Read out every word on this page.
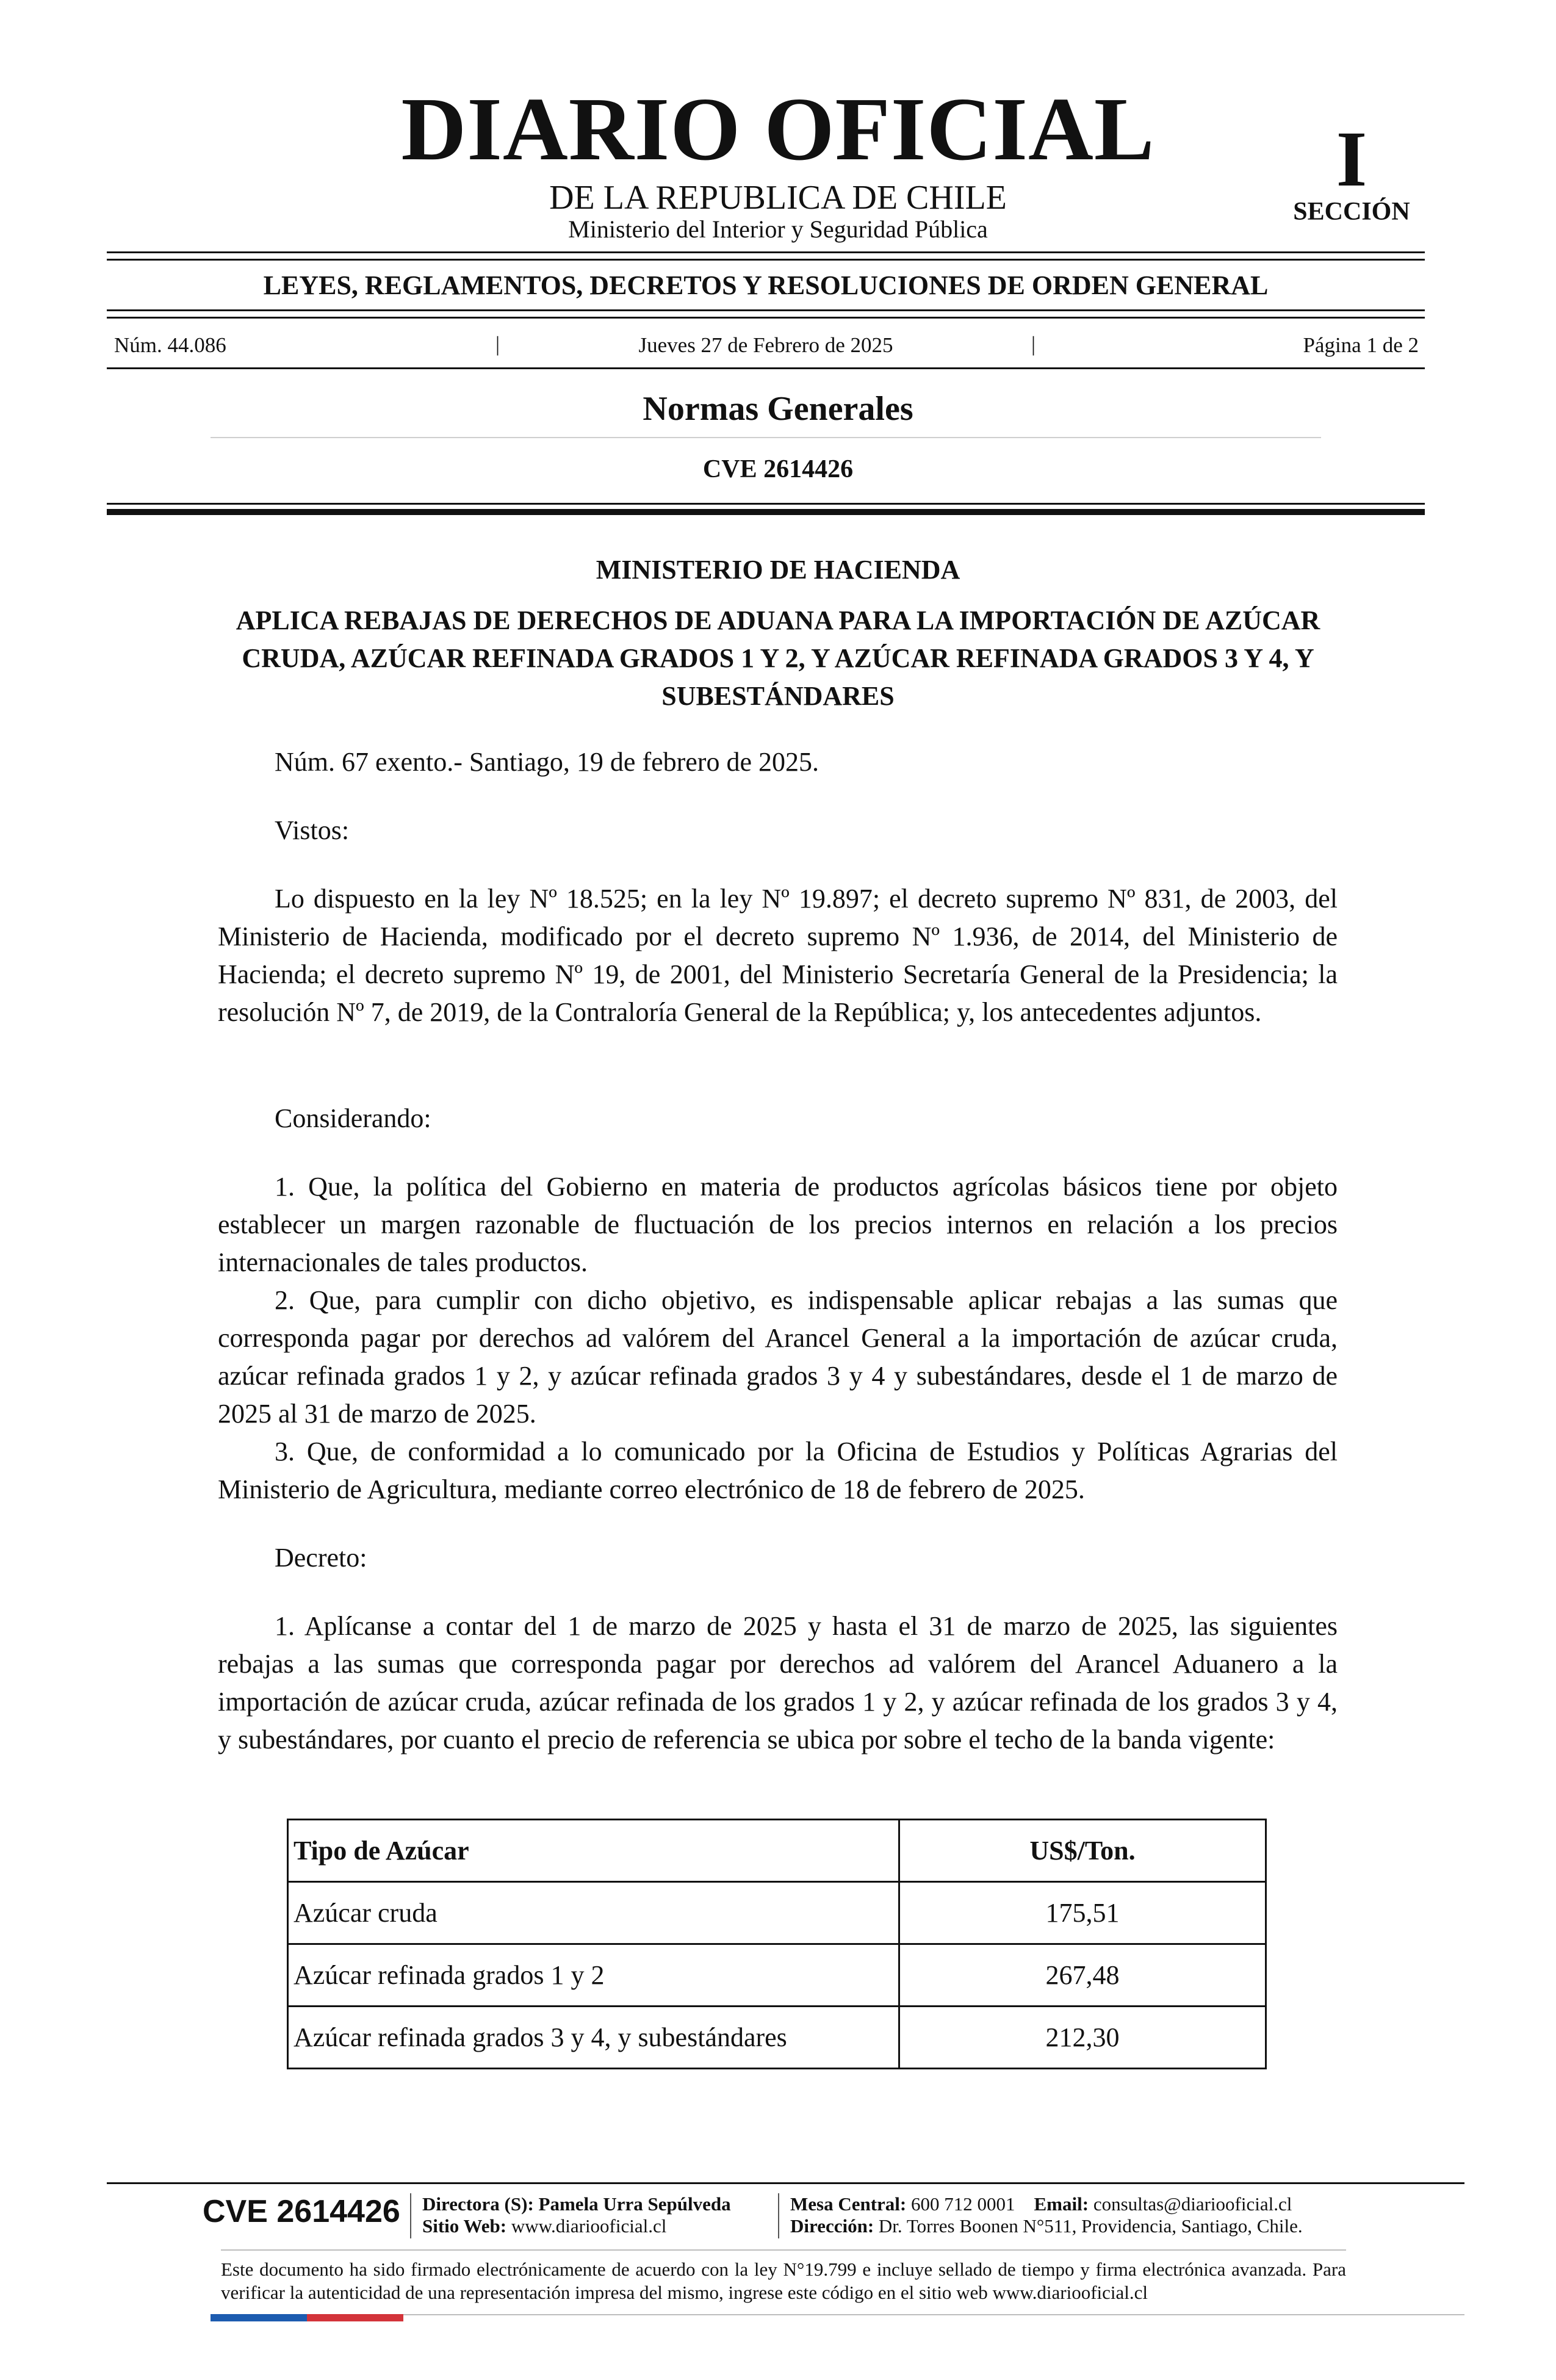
DIARIO OFICIAL
DE LA REPUBLICA DE CHILE
Ministerio del Interior y Seguridad Pública
I
SECCIÓN
LEYES, REGLAMENTOS, DECRETOS Y RESOLUCIONES DE ORDEN GENERAL
Núm. 44.086	|	Jueves 27 de Febrero de 2025	|	Página 1 de 2
Normas Generales
CVE 2614426
MINISTERIO DE HACIENDA
APLICA REBAJAS DE DERECHOS DE ADUANA PARA LA IMPORTACIÓN DE AZÚCAR CRUDA, AZÚCAR REFINADA GRADOS 1 Y 2, Y AZÚCAR REFINADA GRADOS 3 Y 4, Y SUBESTÁNDARES
Núm. 67 exento.- Santiago, 19 de febrero de 2025.
Vistos:
Lo dispuesto en la ley Nº 18.525; en la ley Nº 19.897; el decreto supremo Nº 831, de 2003, del Ministerio de Hacienda, modificado por el decreto supremo Nº 1.936, de 2014, del Ministerio de Hacienda; el decreto supremo Nº 19, de 2001, del Ministerio Secretaría General de la Presidencia; la resolución Nº 7, de 2019, de la Contraloría General de la República; y, los antecedentes adjuntos.
Considerando:

1. Que, la política del Gobierno en materia de productos agrícolas básicos tiene por objeto establecer un margen razonable de fluctuación de los precios internos en relación a los precios internacionales de tales productos.

2. Que, para cumplir con dicho objetivo, es indispensable aplicar rebajas a las sumas que corresponda pagar por derechos ad valórem del Arancel General a la importación de azúcar cruda, azúcar refinada grados 1 y 2, y azúcar refinada grados 3 y 4 y subestándares, desde el 1 de marzo de 2025 al 31 de marzo de 2025.

3. Que, de conformidad a lo comunicado por la Oficina de Estudios y Políticas Agrarias del Ministerio de Agricultura, mediante correo electrónico de 18 de febrero de 2025.

Decreto:
1. Aplícanse a contar del 1 de marzo de 2025 y hasta el 31 de marzo de 2025, las siguientes rebajas a las sumas que corresponda pagar por derechos ad valórem del Arancel Aduanero a la importación de azúcar cruda, azúcar refinada de los grados 1 y 2, y azúcar refinada de los grados 3 y 4, y subestándares, por cuanto el precio de referencia se ubica por sobre el techo de la banda vigente:
Tipo de Azúcar	US$/Ton.
Azúcar cruda	175,51
Azúcar refinada grados 1 y 2	267,48
Azúcar refinada grados 3 y 4, y subestándares	212,30
CVE 2614426 Directora (S): Pamela Urra Sepúlveda
Sitio Web: www.diariooficial.cl
Mesa Central: 600 712 0001 Email: consultas@diariooficial.cl
Dirección: Dr. Torres Boonen N°511, Providencia, Santiago, Chile.
Este documento ha sido firmado electrónicamente de acuerdo con la ley N°19.799 e incluye sellado de tiempo y firma electrónica avanzada. Para verificar la autenticidad de una representación impresa del mismo, ingrese este código en el sitio web www.diariooficial.cl
